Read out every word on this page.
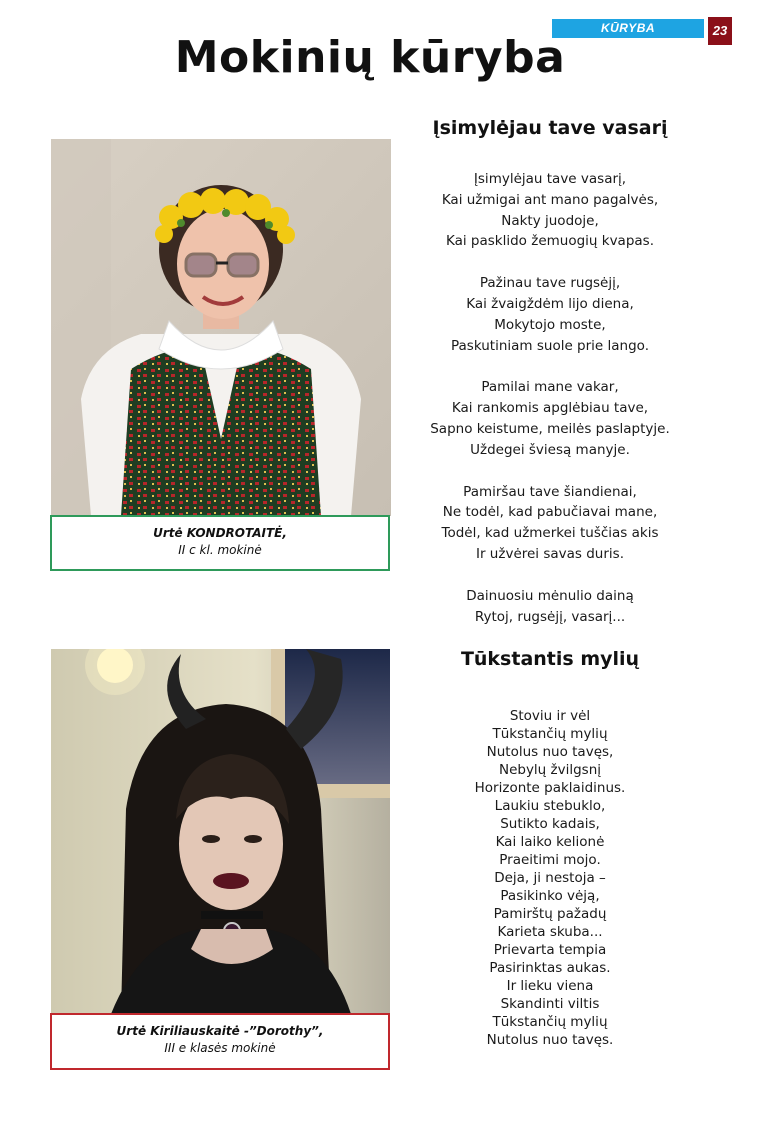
KŪRYBA	23
Mokinių kūryba
Urtė KONDROTAITĖ,
II c kl. mokinė
Urtė Kiriliauskaitė -”Dorothy”,
III e klasės mokinė
Įsimylėjau tave vasarį
Įsimylėjau tave vasarį,
Kai užmigai ant mano pagalvės,
Nakty juodoje,
Kai pasklido žemuogių kvapas.
Pažinau tave rugsėjį,
Kai žvaigždėm lijo diena,
Mokytojo moste,
Paskutiniam suole prie lango.
Pamilai mane vakar,
Kai rankomis apglėbiau tave,
Sapno keistume, meilės paslaptyje.
Uždegei šviesą manyje.
Pamiršau tave šiandienai,
Ne todėl, kad pabučiavai mane,
Todėl, kad užmerkei tuščias akis
Ir užvėrei savas duris.
Dainuosiu mėnulio dainą
Rytoj, rugsėjį, vasarį...
Tūkstantis mylių
Stoviu ir vėl
Tūkstančių mylių
Nutolus nuo tavęs,
Nebylų žvilgsnį
Horizonte paklaidinus.
Laukiu stebuklo,
Sutikto kadais,
Kai laiko kelionė
Praeitimi mojo.
Deja, ji nestoja –
Pasikinko vėją,
Pamirštų pažadų
Karieta skuba...
Prievarta tempia
Pasirinktas aukas.
Ir lieku viena
Skandinti viltis
Tūkstančių mylių
Nutolus nuo tavęs.
